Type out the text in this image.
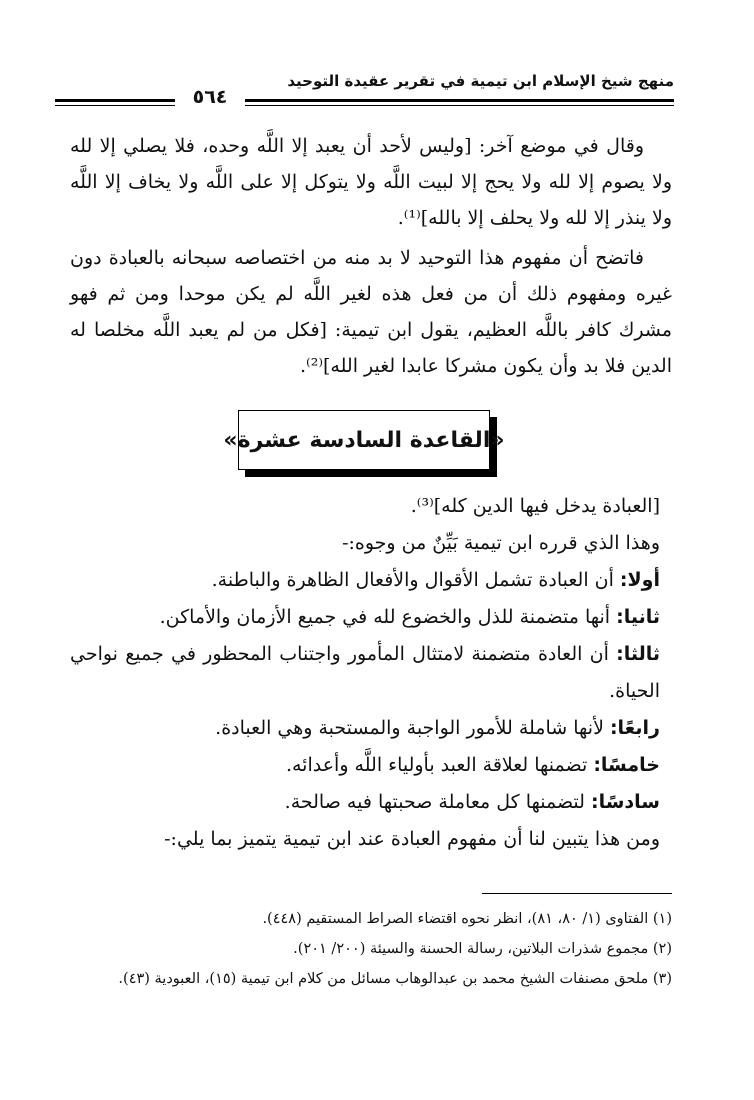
منهج شيخ الإسلام ابن تيمية في تقرير عقيدة التوحيد
٥٦٤

وقال في موضع آخر: [وليس لأحد أن يعبد إلا اللَّه وحده، فلا يصلي إلا لله ولا يصوم إلا لله ولا يحج إلا لبيت اللَّه ولا يتوكل إلا على اللَّه ولا يخاف إلا اللَّه ولا ينذر إلا لله ولا يحلف إلا بالله]⁽¹⁾.

فاتضح أن مفهوم هذا التوحيد لا بد منه من اختصاصه سبحانه بالعبادة دون غيره ومفهوم ذلك أن من فعل هذه لغير اللَّه لم يكن موحدا ومن ثم فهو مشرك كافر باللَّه العظيم، يقول ابن تيمية: [فكل من لم يعبد اللَّه مخلصا له الدين فلا بد وأن يكون مشركا عابدا لغير الله]⁽²⁾.

«القاعدة السادسة عشرة»

[العبادة يدخل فيها الدين كله]⁽³⁾.

وهذا الذي قرره ابن تيمية بَيِّنٌ من وجوه:-

أولا: أن العبادة تشمل الأقوال والأفعال الظاهرة والباطنة.

ثانيا: أنها متضمنة للذل والخضوع لله في جميع الأزمان والأماكن.

ثالثا: أن العادة متضمنة لامتثال المأمور واجتناب المحظور في جميع نواحي الحياة.

رابعًا: لأنها شاملة للأمور الواجبة والمستحبة وهي العبادة.

خامسًا: تضمنها لعلاقة العبد بأولياء اللَّه وأعدائه.

سادسًا: لتضمنها كل معاملة صحبتها فيه صالحة.

ومن هذا يتبين لنا أن مفهوم العبادة عند ابن تيمية يتميز بما يلي:-

(١) الفتاوى (١/ ٨٠، ٨١)، انظر نحوه اقتضاء الصراط المستقيم (٤٤٨).

(٢) مجموع شذرات البلاتين، رسالة الحسنة والسيئة (٢٠٠/ ٢٠١).

(٣) ملحق مصنفات الشيخ محمد بن عبدالوهاب مسائل من كلام ابن تيمية (١٥)، العبودية (٤٣).
